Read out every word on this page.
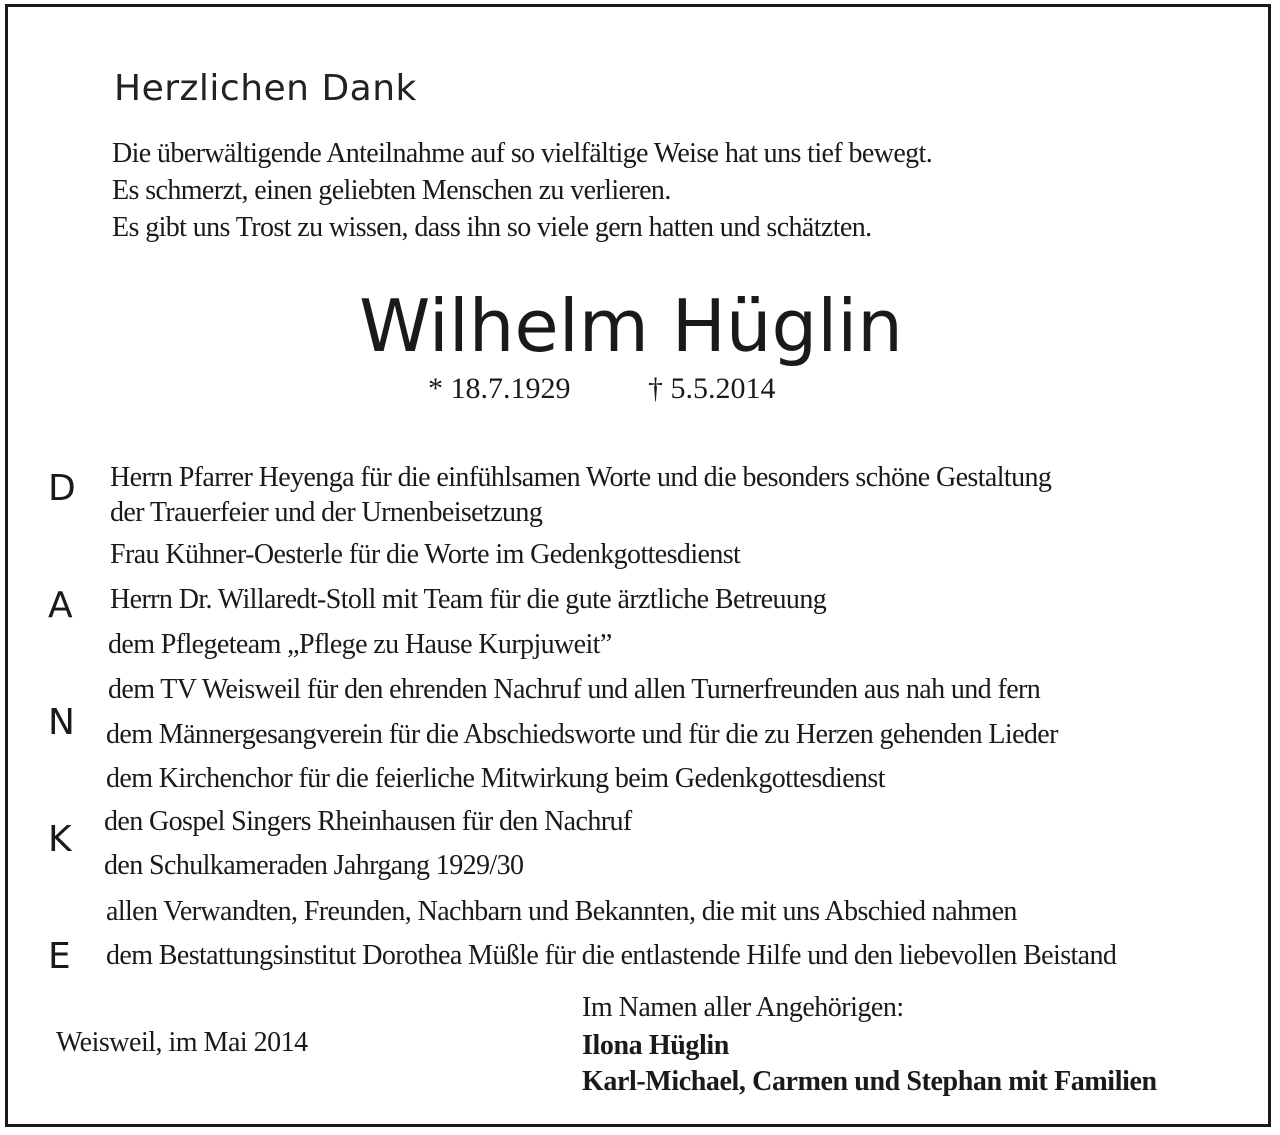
Herzlichen Dank
Die überwältigende Anteilnahme auf so vielfältige Weise hat uns tief bewegt.
Es schmerzt, einen geliebten Menschen zu verlieren.
Es gibt uns Trost zu wissen, dass ihn so viele gern hatten und schätzten.
Wilhelm Hüglin
* 18.7.1929	† 5.5.2014
D
A
N
K
E
Herrn Pfarrer Heyenga für die einfühlsamen Worte und die besonders schöne Gestaltung
der Trauerfeier und der Urnenbeisetzung
Frau Kühner-Oesterle für die Worte im Gedenkgottesdienst
Herrn Dr. Willaredt-Stoll mit Team für die gute ärztliche Betreuung
dem Pflegeteam „Pflege zu Hause Kurpjuweit”
dem TV Weisweil für den ehrenden Nachruf und allen Turnerfreunden aus nah und fern
dem Männergesangverein für die Abschiedsworte und für die zu Herzen gehenden Lieder
dem Kirchenchor für die feierliche Mitwirkung beim Gedenkgottesdienst
den Gospel Singers Rheinhausen für den Nachruf
den Schulkameraden Jahrgang 1929/30
allen Verwandten, Freunden, Nachbarn und Bekannten, die mit uns Abschied nahmen
dem Bestattungsinstitut Dorothea Müßle für die entlastende Hilfe und den liebevollen Beistand
Weisweil, im Mai 2014
Im Namen aller Angehörigen:
Ilona Hüglin
Karl-Michael, Carmen und Stephan mit Familien
